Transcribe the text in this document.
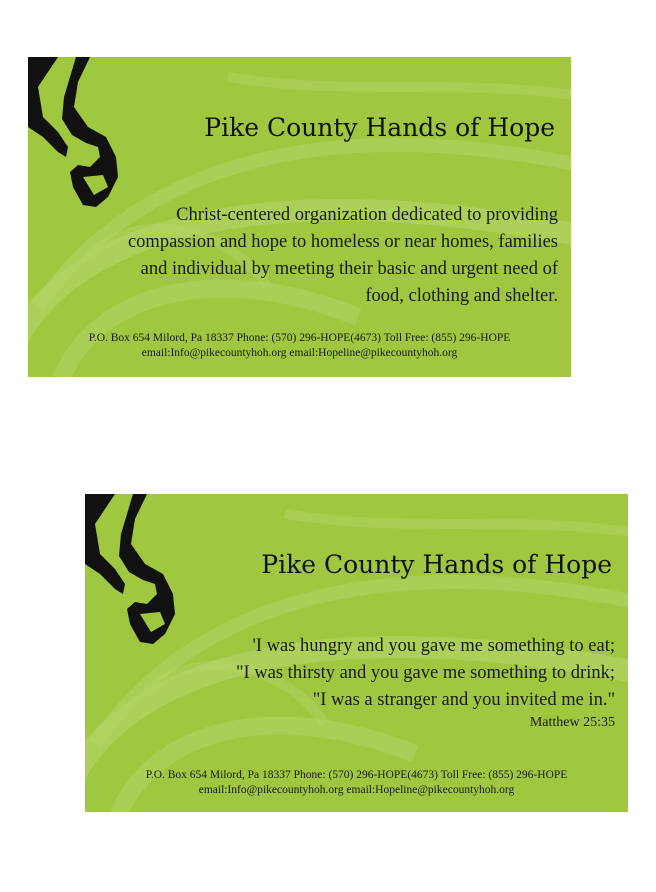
Pike County Hands of Hope
Christ-centered organization dedicated to providing
compassion and hope to homeless or near homes, families
and individual by meeting their basic and urgent need of
food, clothing and shelter.
P.O. Box 654 Milord, Pa 18337 Phone: (570) 296-HOPE(4673) Toll Free: (855) 296-HOPE
email:Info@pikecountyhoh.org email:Hopeline@pikecountyhoh.org
Pike County Hands of Hope
'I was hungry and you gave me something to eat;
"I was thirsty and you gave me something to drink;
"I was a stranger and you invited me in."
Matthew 25:35
P.O. Box 654 Milord, Pa 18337 Phone: (570) 296-HOPE(4673) Toll Free: (855) 296-HOPE
email:Info@pikecountyhoh.org email:Hopeline@pikecountyhoh.org
